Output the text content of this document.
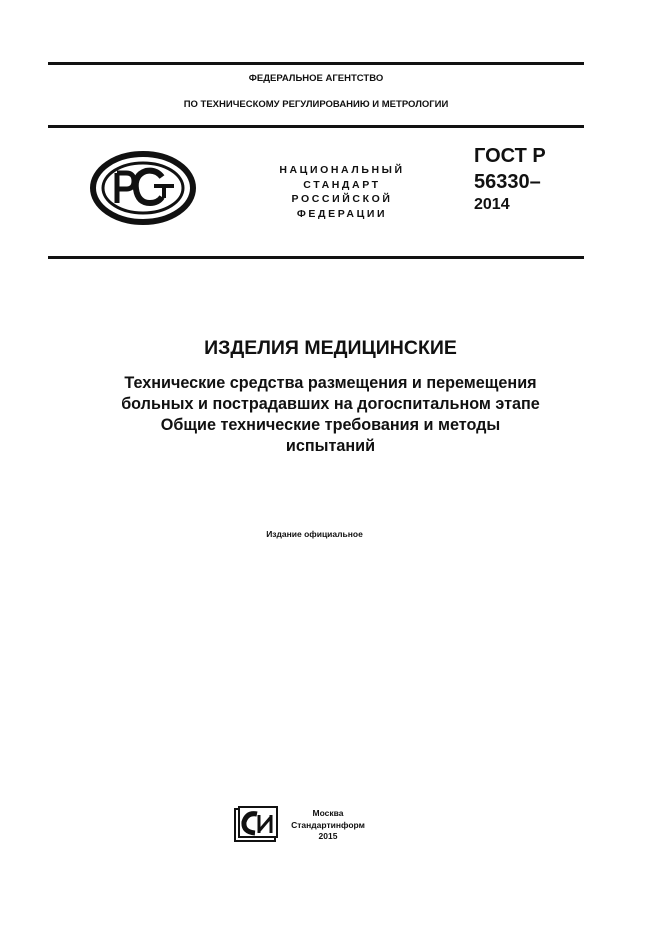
ФЕДЕРАЛЬНОЕ АГЕНТСТВО
ПО ТЕХНИЧЕСКОМУ РЕГУЛИРОВАНИЮ И МЕТРОЛОГИИ
НАЦИОНАЛЬНЫЙ
СТАНДАРТ
РОССИЙСКОЙ
ФЕДЕРАЦИИ
ГОСТ Р
56330–
2014
ИЗДЕЛИЯ МЕДИЦИНСКИЕ
Технические средства размещения и перемещения
больных и пострадавших на догоспитальном этапе
Общие технические требования и методы
испытаний
Издание официальное
Москва
Стандартинформ
2015
